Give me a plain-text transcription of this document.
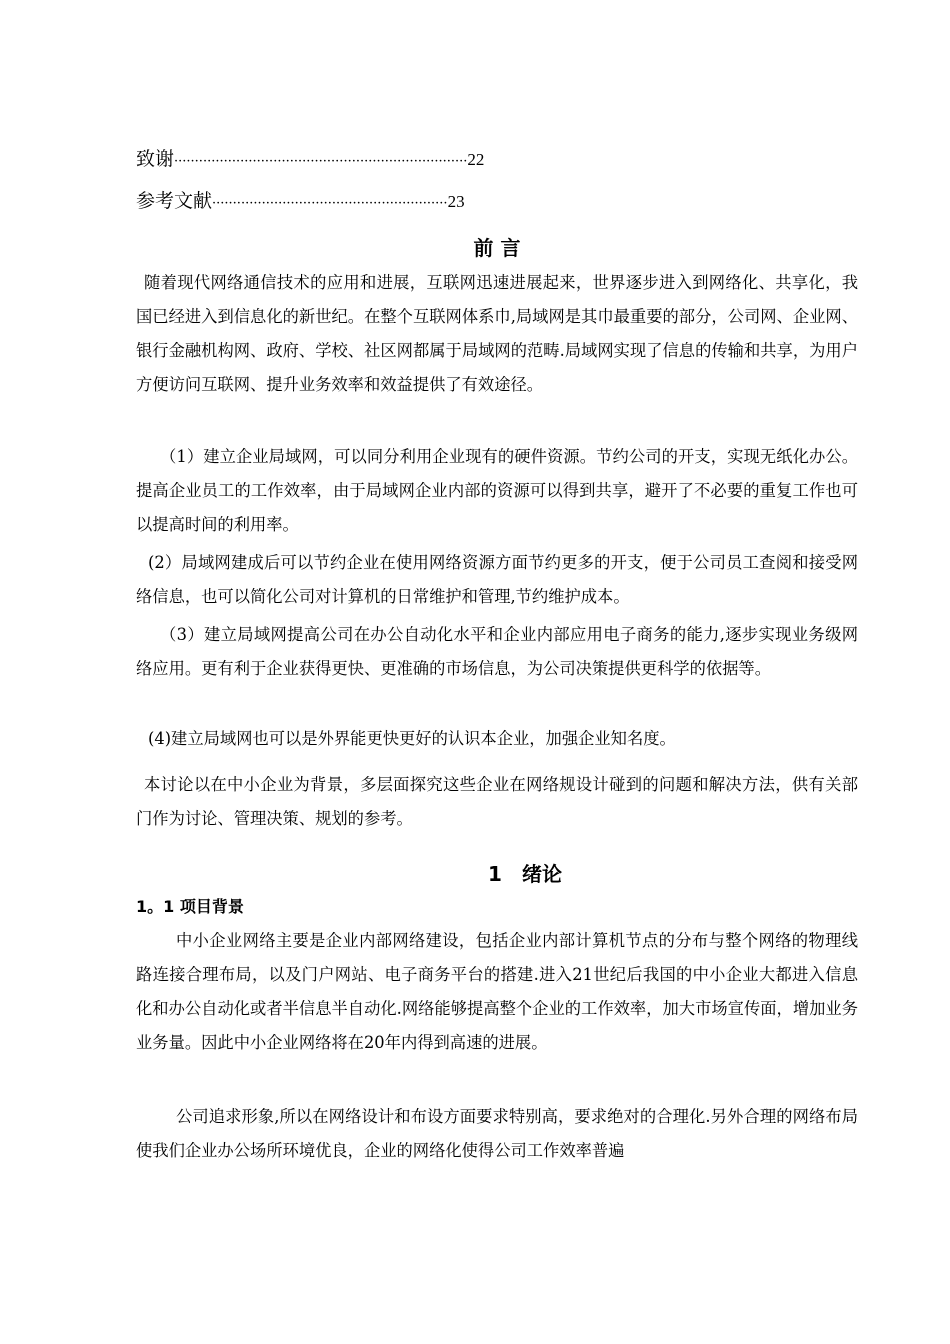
致谢·······································································22
参考文献·························································23
前 言

随着现代网络通信技术的应用和进展，互联网迅速进展起来，世界逐步进入到网络化、共享化，我国已经进入到信息化的新世纪。在整个互联网体系巾,局域网是其巾最重要的部分，公司网、企业网、银行金融机构网、政府、学校、社区网都属于局域网的范畴.局域网实现了信息的传输和共享，为用户方便访问互联网、提升业务效率和效益提供了有效途径。

（1）建立企业局域网，可以同分利用企业现有的硬件资源。节约公司的开支，实现无纸化办公。提高企业员工的工作效率，由于局域网企业内部的资源可以得到共享，避开了不必要的重复工作也可以提高时间的利用率。

(2）局域网建成后可以节约企业在使用网络资源方面节约更多的开支，便于公司员工查阅和接受网络信息，也可以简化公司对计算机的日常维护和管理,节约维护成本。

（3）建立局域网提高公司在办公自动化水平和企业内部应用电子商务的能力,逐步实现业务级网络应用。更有利于企业获得更快、更准确的市场信息，为公司决策提供更科学的依据等。

(4)建立局域网也可以是外界能更快更好的认识本企业，加强企业知名度。

本讨论以在中小企业为背景，多层面探究这些企业在网络规设计碰到的问题和解决方法，供有关部门作为讨论、管理决策、规划的参考。

1　绪论
1。1 项目背景

中小企业网络主要是企业内部网络建设，包括企业内部计算机节点的分布与整个网络的物理线路连接合理布局，以及门户网站、电子商务平台的搭建.进入21世纪后我国的中小企业大都进入信息化和办公自动化或者半信息半自动化.网络能够提高整个企业的工作效率，加大市场宣传面，增加业务业务量。因此中小企业网络将在20年内得到高速的进展。

公司追求形象,所以在网络设计和布设方面要求特别高，要求绝对的合理化.另外合理的网络布局使我们企业办公场所环境优良，企业的网络化使得公司工作效率普遍
